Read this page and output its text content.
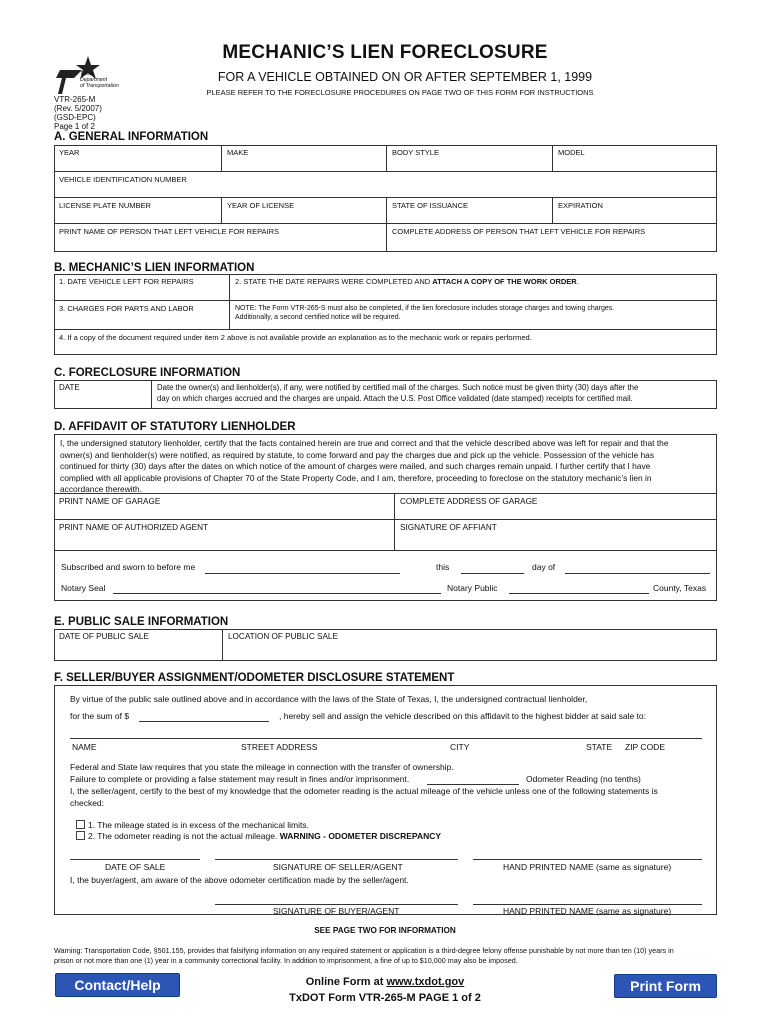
Texas
Department
of Transportation
MECHANIC’S LIEN FORECLOSURE
FOR A VEHICLE OBTAINED ON OR AFTER SEPTEMBER 1, 1999
PLEASE REFER TO THE FORECLOSURE PROCEDURES ON PAGE TWO OF THIS FORM FOR INSTRUCTIONS
VTR-265-M
(Rev. 5/2007)
(GSD-EPC)
Page 1 of 2
A. GENERAL INFORMATION
YEAR	MAKE	BODY STYLE	MODEL
VEHICLE IDENTIFICATION NUMBER
LICENSE PLATE NUMBER	YEAR OF LICENSE	STATE OF ISSUANCE	EXPIRATION
PRINT NAME OF PERSON THAT LEFT VEHICLE FOR REPAIRS	COMPLETE ADDRESS OF PERSON THAT LEFT VEHICLE FOR REPAIRS
B. MECHANIC’S LIEN INFORMATION
1. DATE VEHICLE LEFT FOR REPAIRS	2. STATE THE DATE REPAIRS WERE COMPLETED AND ATTACH A COPY OF THE WORK ORDER.
3. CHARGES FOR PARTS AND LABOR	NOTE: The Form VTR-265-S must also be completed, if the lien foreclosure includes storage charges and towing charges.
Additionally, a second certified notice will be required.
4. If a copy of the document required under item 2 above is not available provide an explanation as to the mechanic work or repairs performed.
C. FORECLOSURE INFORMATION
DATE	Date the owner(s) and lienholder(s), if any, were notified by certified mail of the charges. Such notice must be given thirty (30) days after the
day on which charges accrued and the charges are unpaid. Attach the U.S. Post Office validated (date stamped) receipts for certified mail.
D. AFFIDAVIT OF STATUTORY LIENHOLDER
I, the undersigned statutory lienholder, certify that the facts contained herein are true and correct and that the vehicle described above was left for repair and that the
owner(s) and lienholder(s) were notified, as required by statute, to come forward and pay the charges due and pick up the vehicle. Possession of the vehicle has
continued for thirty (30) days after the dates on which notice of the amount of charges were mailed, and such charges remain unpaid. I further certify that I have
complied with all applicable provisions of Chapter 70 of the State Property Code, and I am, therefore, proceeding to foreclose on the statutory mechanic’s lien in
accordance therewith.
PRINT NAME OF GARAGE	COMPLETE ADDRESS OF GARAGE
PRINT NAME OF AUTHORIZED AGENT	SIGNATURE OF AFFIANT
Subscribed and sworn to before me	this	day of
Notary Seal	Notary Public	County, Texas
E. PUBLIC SALE INFORMATION
DATE OF PUBLIC SALE	LOCATION OF PUBLIC SALE
F. SELLER/BUYER ASSIGNMENT/ODOMETER DISCLOSURE STATEMENT
By virtue of the public sale outlined above and in accordance with the laws of the State of Texas, I, the undersigned contractual lienholder,
for the sum of $	, hereby sell and assign the vehicle described on this affidavit to the highest bidder at said sale to:
NAME	STREET ADDRESS	CITY	STATE ZIP CODE
Federal and State law requires that you state the mileage in connection with the transfer of ownership.
Failure to complete or providing a false statement may result in fines and/or imprisonment.	Odometer Reading (no tenths)
I, the seller/agent, certify to the best of my knowledge that the odometer reading is the actual mileage of the vehicle unless one of the following statements is
checked:
1. The mileage stated is in excess of the mechanical limits.
2. The odometer reading is not the actual mileage. WARNING - ODOMETER DISCREPANCY
DATE OF SALE	SIGNATURE OF SELLER/AGENT	HAND PRINTED NAME (same as signature)
I, the buyer/agent, am aware of the above odometer certification made by the seller/agent.
SIGNATURE OF BUYER/AGENT	HAND PRINTED NAME (same as signature)
SEE PAGE TWO FOR INFORMATION
Warning: Transportation Code, §501.155, provides that falsifying information on any required statement or application is a third-degree felony offense punishable by not more than ten (10) years in
prison or not more than one (1) year in a community correctional facility. In addition to imprisonment, a fine of up to $10,000 may also be imposed.
Contact/Help	Online Form at www.txdot.gov
TxDOT Form VTR-265-M PAGE 1 of 2
Print Form
